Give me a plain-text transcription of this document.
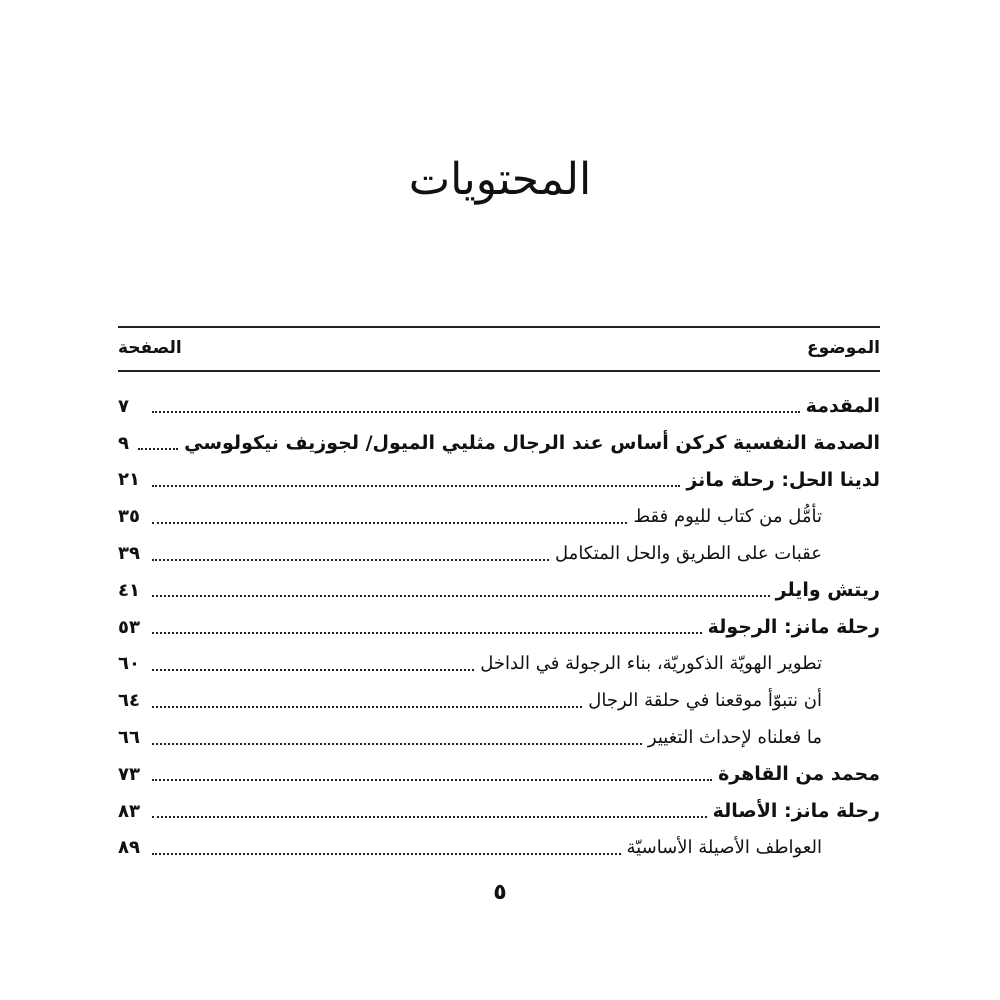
المحتويات
الموضوع
الصفحة
المقدمة
٧
الصدمة النفسية كركن أساس عند الرجال مثليي الميول/ لجوزيف نيكولوسي
٩
لدينا الحل: رحلة مانز
٢١
تأمُّل من كتاب لليوم فقط
٣٥
عقبات على الطريق والحل المتكامل
٣٩
ريتش وايلر
٤١
رحلة مانز: الرجولة
٥٣
تطوير الهويّة الذكوريّة، بناء الرجولة في الداخل
٦٠
أن نتبوّأ موقعنا في حلقة الرجال
٦٤
ما فعلناه لإحداث التغيير
٦٦
محمد من القاهرة
٧٣
رحلة مانز: الأصالة
٨٣
العواطف الأصيلة الأساسيّة
٨٩
٥
